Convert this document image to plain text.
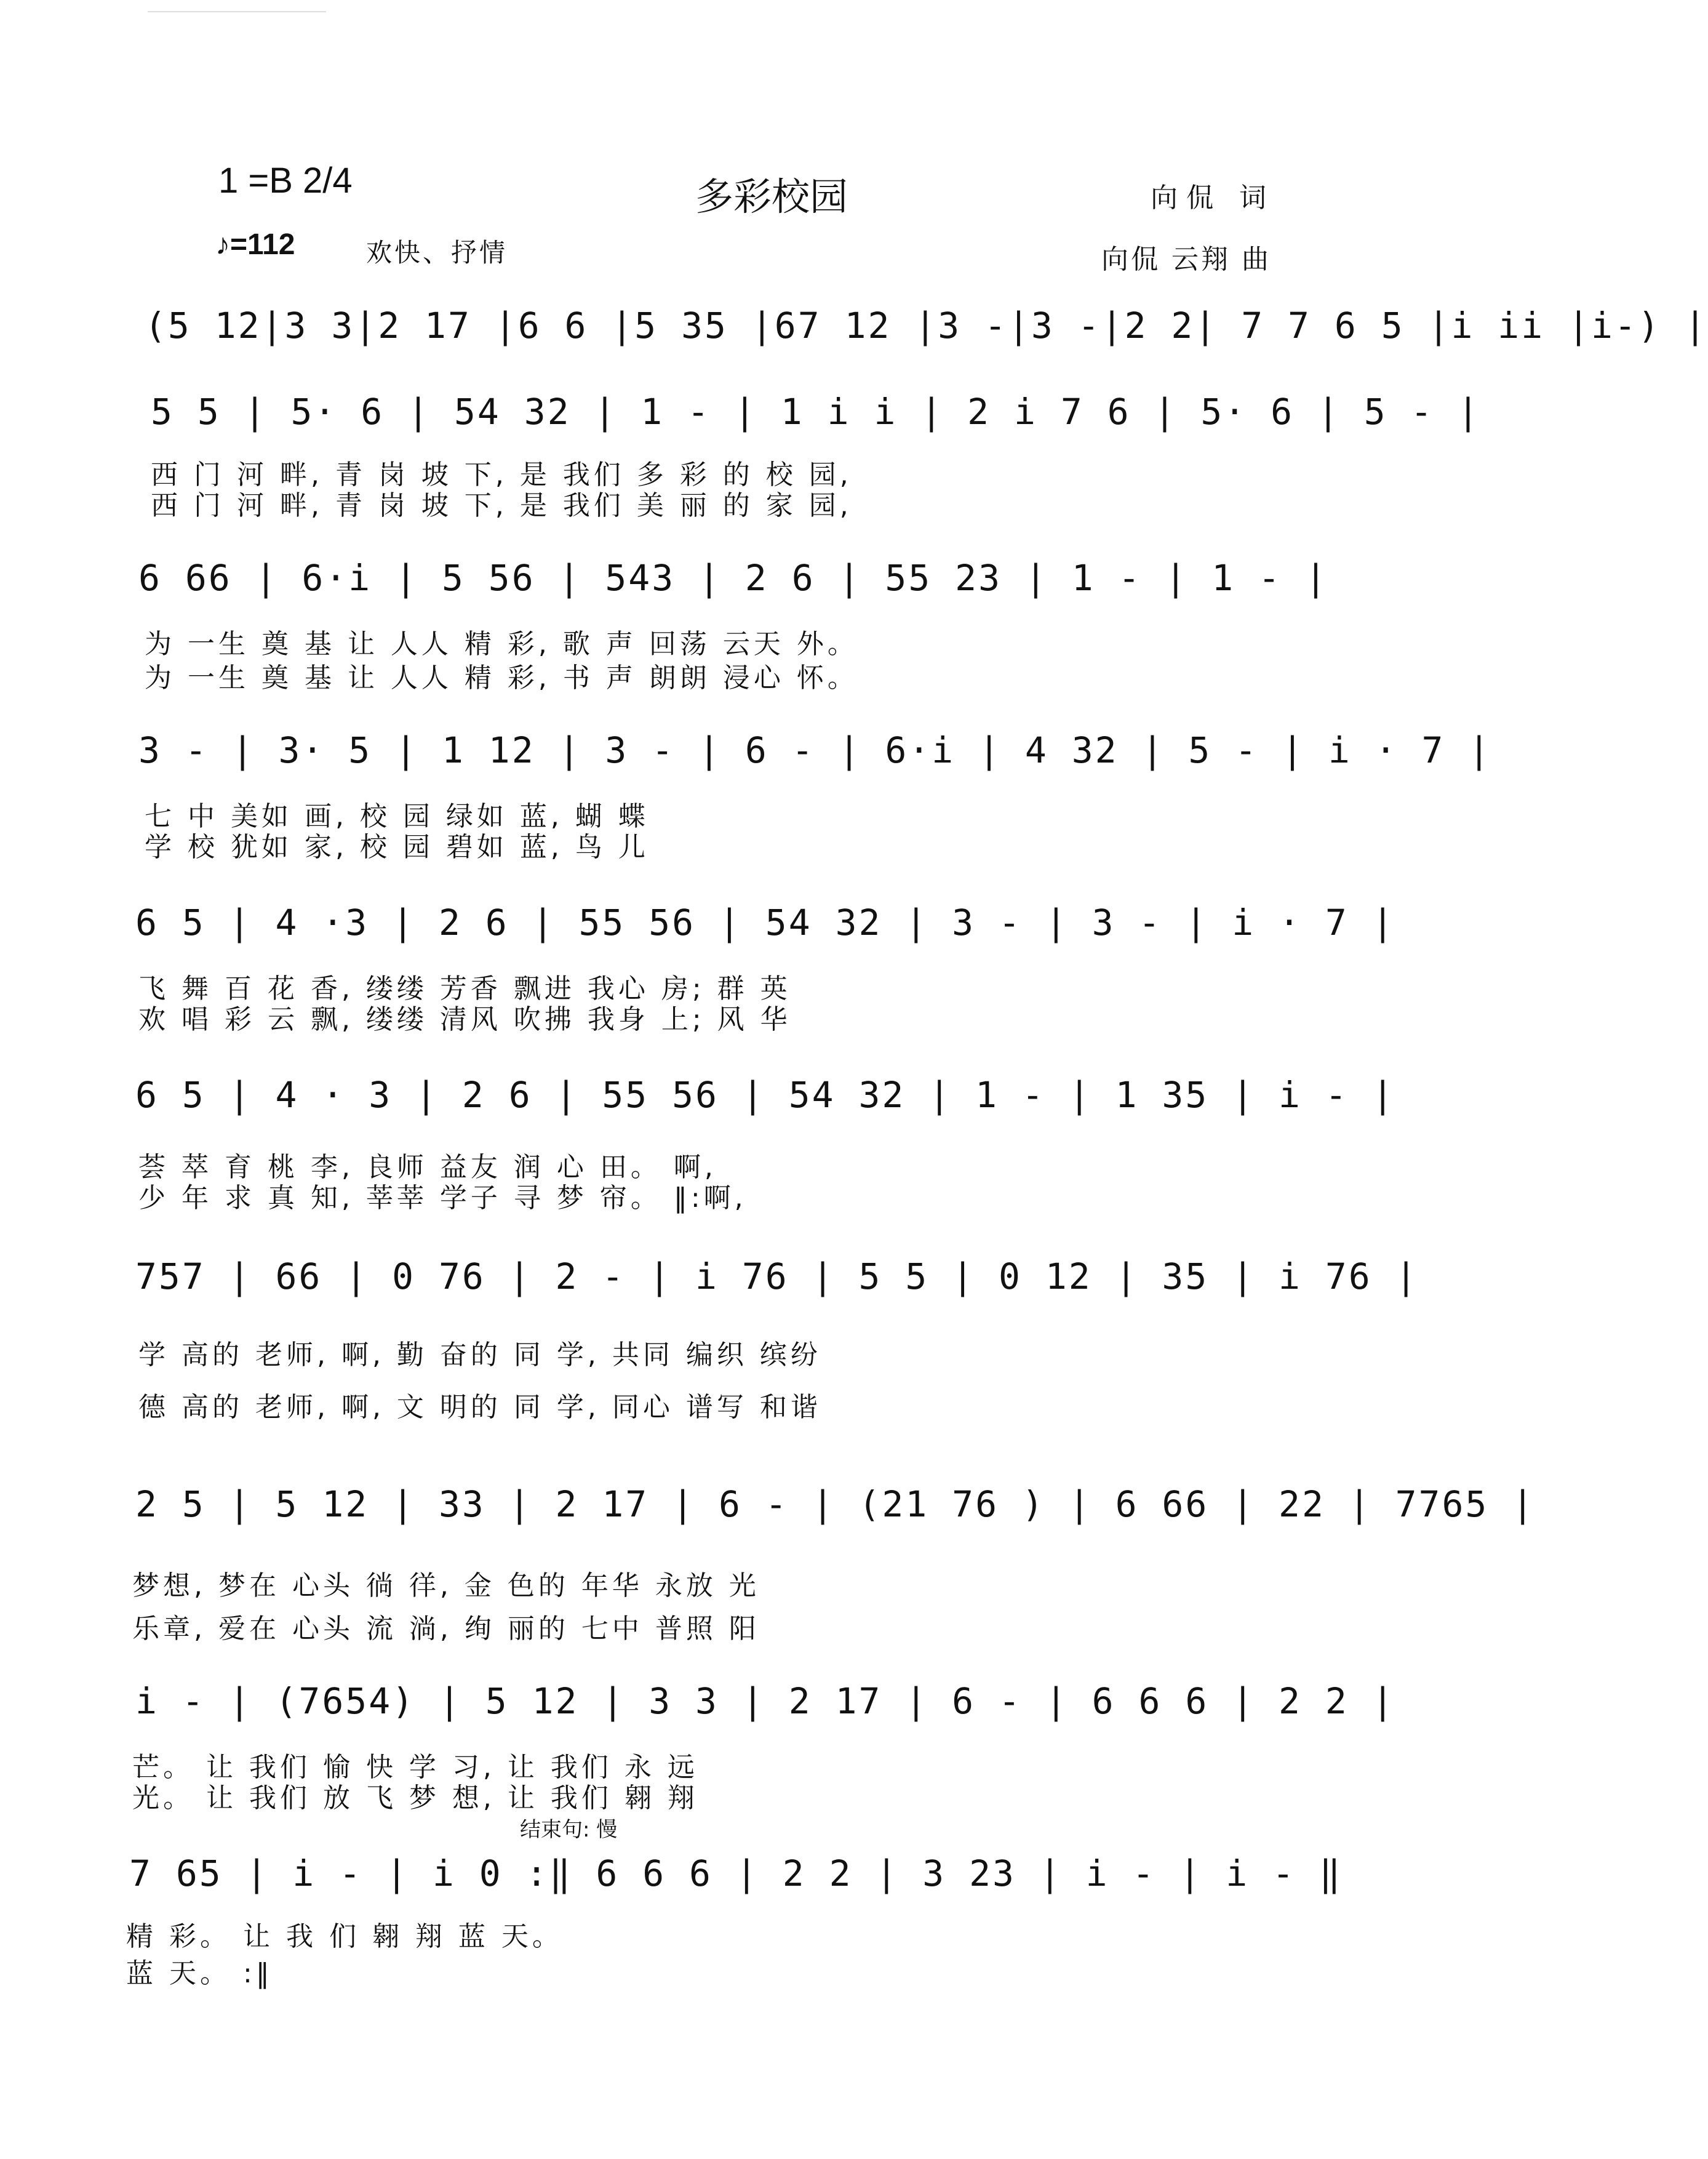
1 =B 2/4	多彩校园	向侃 词
♪=112	欢快、抒情	向侃 云翔 曲
(5 12|3 3|2 17 |6 6 |5 35 |67 12 |3 -|3 -|2 2| 7 7 6 5 |i ii |i-) |
5 5 | 5· 6 | 54 32 | 1 - | 1 i i | 2 i 7 6 | 5· 6 | 5 - |
西 门 河 畔, 青 岗 坡 下, 是 我们 多 彩 的 校 园,
西 门 河 畔, 青 岗 坡 下, 是 我们 美 丽 的 家 园,
6 66 | 6·i | 5 56 | 543 | 2 6 | 55 23 | 1 - | 1 - |
为 一生 奠 基 让 人人 精 彩, 歌 声 回荡 云天 外。
为 一生 奠 基 让 人人 精 彩, 书 声 朗朗 浸心 怀。
3 - | 3· 5 | 1 12 | 3 - | 6 - | 6·i | 4 32 | 5 - | i · 7 |
七 中 美如 画, 校 园 绿如 蓝, 蝴 蝶
学 校 犹如 家, 校 园 碧如 蓝, 鸟 儿
6 5 | 4 ·3 | 2 6 | 55 56 | 54 32 | 3 - | 3 - | i · 7 |
飞 舞 百 花 香, 缕缕 芳香 飘进 我心 房; 群 英
欢 唱 彩 云 飘, 缕缕 清风 吹拂 我身 上; 风 华
6 5 | 4 · 3 | 2 6 | 55 56 | 54 32 | 1 - | 1 35 | i - |
荟 萃 育 桃 李, 良师 益友 润 心 田。 啊,
少 年 求 真 知, 莘莘 学子 寻 梦 帘。 ‖:啊,
757 | 66 | 0 76 | 2 - | i 76 | 5 5 | 0 12 | 35 | i 76 |
学 高的 老师, 啊, 勤 奋的 同 学, 共同 编织 缤纷
德 高的 老师, 啊, 文 明的 同 学, 同心 谱写 和谐
2 5 | 5 12 | 33 | 2 17 | 6 - | (21 76 ) | 6 66 | 22 | 7765 |
梦想, 梦在 心头 徜 徉, 金 色的 年华 永放 光
乐章, 爱在 心头 流 淌, 绚 丽的 七中 普照 阳
i - | (7654) | 5 12 | 3 3 | 2 17 | 6 - | 6 6 6 | 2 2 |
芒。 让 我们 愉 快 学 习, 让 我们 永 远
光。 让 我们 放 飞 梦 想, 让 我们 翱 翔
结束句: 慢
7 65 | i - | i 0 :‖ 6 6 6 | 2 2 | 3 23 | i - | i - ‖
精 彩。 让 我 们 翱 翔 蓝 天。
蓝 天。 :‖
